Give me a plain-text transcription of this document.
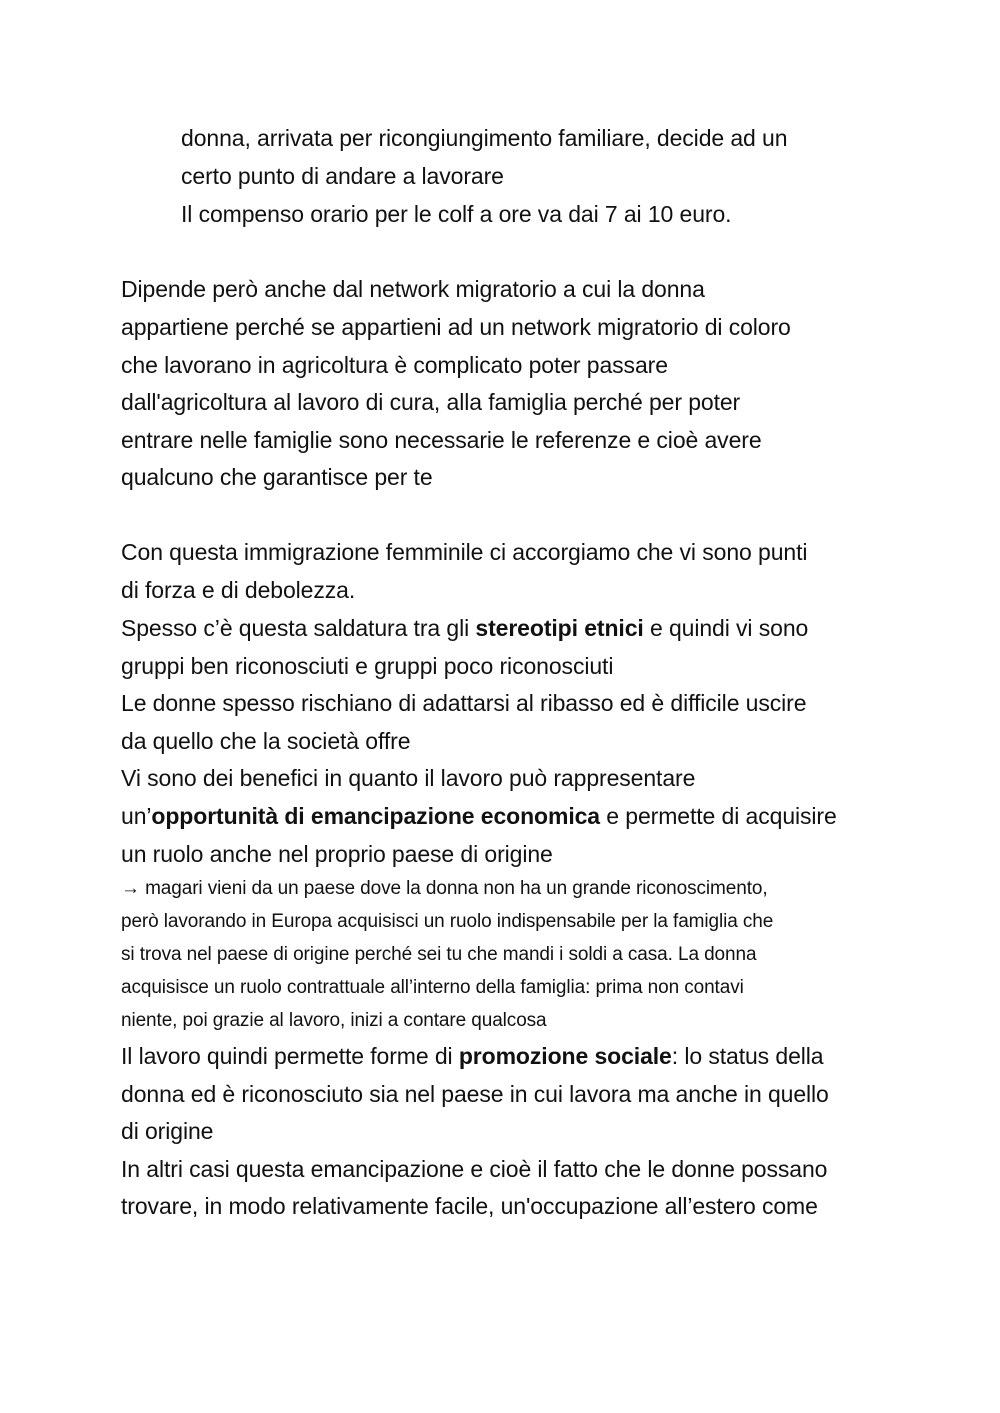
donna, arrivata per ricongiungimento familiare, decide ad un
certo punto di andare a lavorare
Il compenso orario per le colf a ore va dai 7 ai 10 euro.
Dipende però anche dal network migratorio a cui la donna
appartiene perché se appartieni ad un network migratorio di coloro
che lavorano in agricoltura è complicato poter passare
dall'agricoltura al lavoro di cura, alla famiglia perché per poter
entrare nelle famiglie sono necessarie le referenze e cioè avere
qualcuno che garantisce per te
Con questa immigrazione femminile ci accorgiamo che vi sono punti
di forza e di debolezza.
Spesso c’è questa saldatura tra gli stereotipi etnici e quindi vi sono
gruppi ben riconosciuti e gruppi poco riconosciuti
Le donne spesso rischiano di adattarsi al ribasso ed è difficile uscire
da quello che la società offre
Vi sono dei benefici in quanto il lavoro può rappresentare
un’opportunità di emancipazione economica e permette di acquisire
un ruolo anche nel proprio paese di origine
→ magari vieni da un paese dove la donna non ha un grande riconoscimento,
però lavorando in Europa acquisisci un ruolo indispensabile per la famiglia che
si trova nel paese di origine perché sei tu che mandi i soldi a casa. La donna
acquisisce un ruolo contrattuale all’interno della famiglia: prima non contavi
niente, poi grazie al lavoro, inizi a contare qualcosa
Il lavoro quindi permette forme di promozione sociale: lo status della
donna ed è riconosciuto sia nel paese in cui lavora ma anche in quello
di origine
In altri casi questa emancipazione e cioè il fatto che le donne possano
trovare, in modo relativamente facile, un'occupazione all’estero come
